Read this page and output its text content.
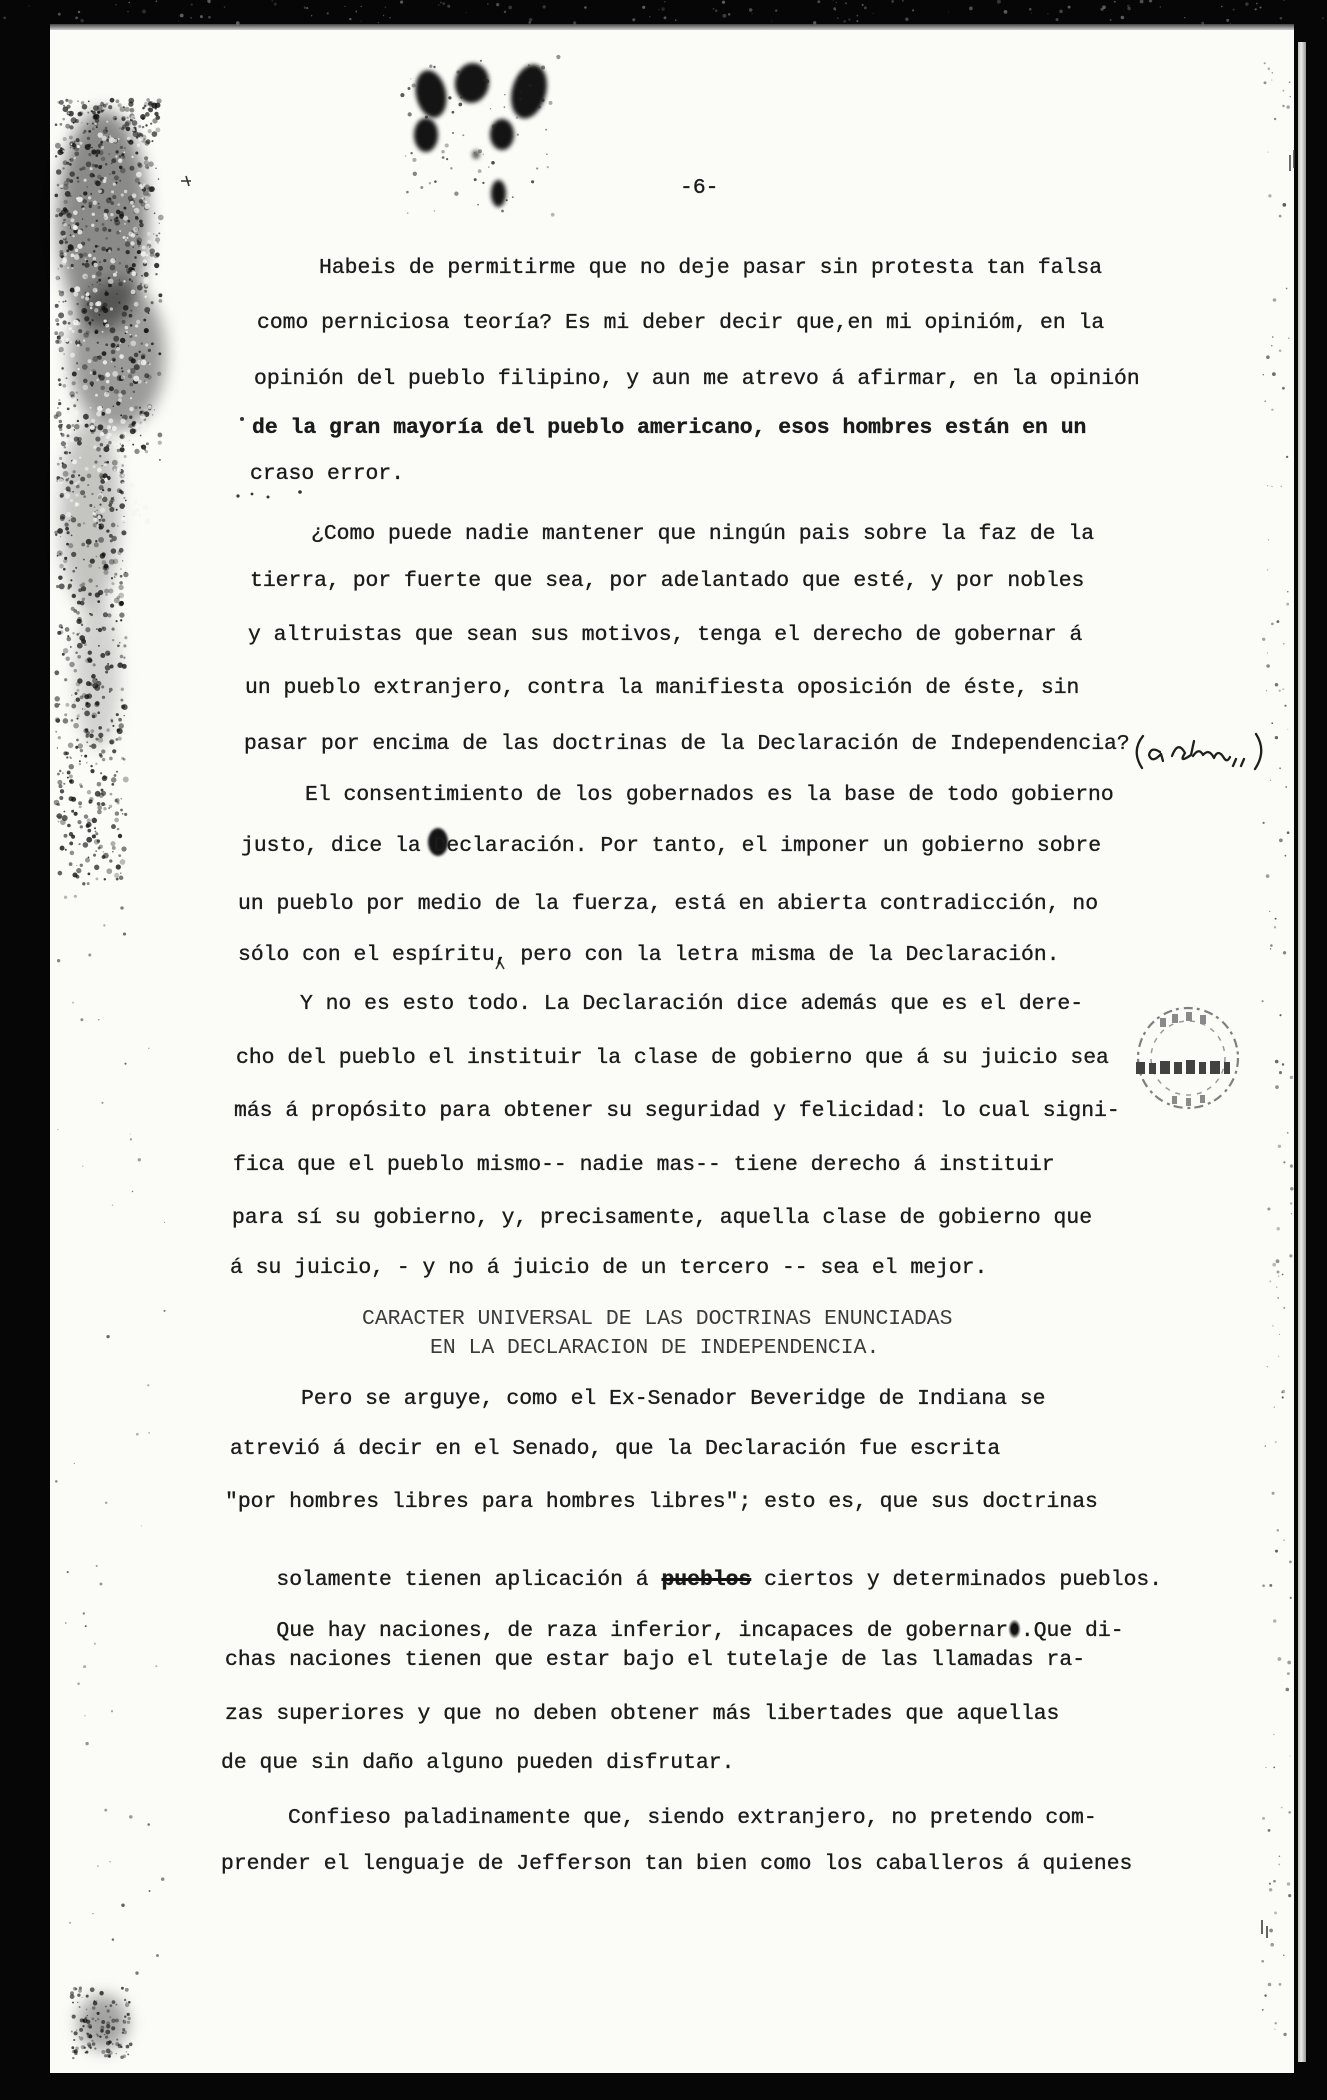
-6-
Habeis de permitirme que no deje pasar sin protesta tan falsa
como perniciosa teoría? Es mi deber decir que,en mi opinióm, en la
opinión del pueblo filipino, y aun me atrevo á afirmar, en la opinión
de la gran mayoría del pueblo americano, esos hombres están en un
craso error.
¿Como puede nadie mantener que ningún pais sobre la faz de la
tierra, por fuerte que sea, por adelantado que esté, y por nobles
y altruistas que sean sus motivos, tenga el derecho de gobernar á
un pueblo extranjero, contra la manifiesta oposición de éste, sin
pasar por encima de las doctrinas de la Declaración de Independencia?
El consentimiento de los gobernados es la base de todo gobierno
justo, dice la Declaración. Por tanto, el imponer un gobierno sobre
un pueblo por medio de la fuerza, está en abierta contradicción, no
sólo con el espíritu, pero con la letra misma de la Declaración.
Y no es esto todo. La Declaración dice además que es el dere-
cho del pueblo el instituir la clase de gobierno que á su juicio sea
más á propósito para obtener su seguridad y felicidad: lo cual signi-
fica que el pueblo mismo-- nadie mas-- tiene derecho á instituir
para sí su gobierno, y, precisamente, aquella clase de gobierno que
á su juicio, - y no á juicio de un tercero -- sea el mejor.
CARACTER UNIVERSAL DE LAS DOCTRINAS ENUNCIADAS
EN LA DECLARACION DE INDEPENDENCIA.
Pero se arguye, como el Ex-Senador Beveridge de Indiana se
atrevió á decir en el Senado, que la Declaración fue escrita
"por hombres libres para hombres libres"; esto es, que sus doctrinas

solamente tienen aplicación á pueblos ciertos y determinados pueblos.

Que hay naciones, de raza inferior, incapaces de gobernar .Que di-

chas naciones tienen que estar bajo el tutelaje de las llamadas ra-
zas superiores y que no deben obtener más libertades que aquellas
de que sin daño alguno pueden disfrutar.
Confieso paladinamente que, siendo extranjero, no pretendo com-
prender el lenguaje de Jefferson tan bien como los caballeros á quienes
